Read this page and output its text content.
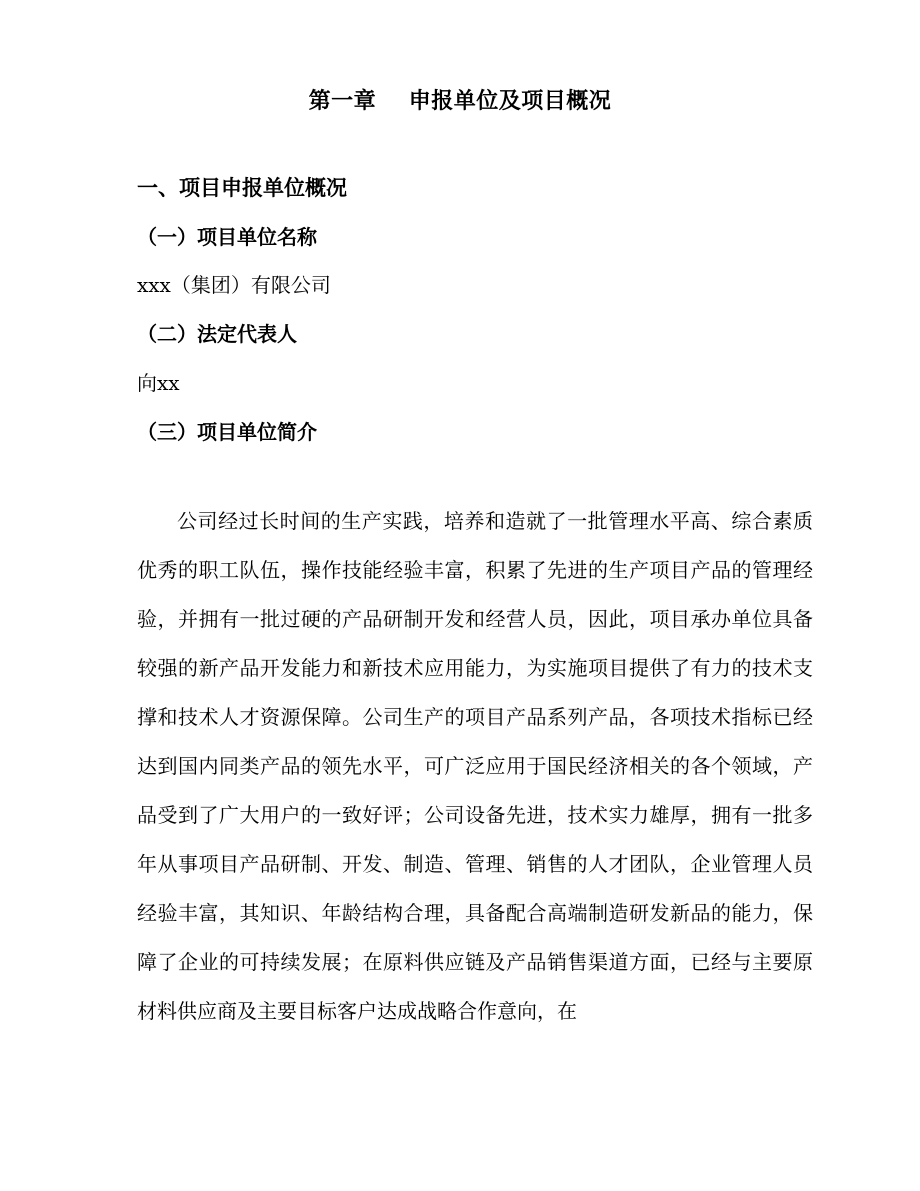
第一章    申报单位及项目概况
一、项目申报单位概况
（一）项目单位名称
xxx（集团）有限公司
（二）法定代表人
向xx
（三）项目单位简介

公司经过长时间的生产实践，培养和造就了一批管理水平高、综合素质优秀的职工队伍，操作技能经验丰富，积累了先进的生产项目产品的管理经验，并拥有一批过硬的产品研制开发和经营人员，因此，项目承办单位具备较强的新产品开发能力和新技术应用能力，为实施项目提供了有力的技术支撑和技术人才资源保障。公司生产的项目产品系列产品，各项技术指标已经达到国内同类产品的领先水平，可广泛应用于国民经济相关的各个领域，产品受到了广大用户的一致好评；公司设备先进，技术实力雄厚，拥有一批多年从事项目产品研制、开发、制造、管理、销售的人才团队，企业管理人员经验丰富，其知识、年龄结构合理，具备配合高端制造研发新品的能力，保障了企业的可持续发展；在原料供应链及产品销售渠道方面，已经与主要原材料供应商及主要目标客户达成战略合作意向，在
